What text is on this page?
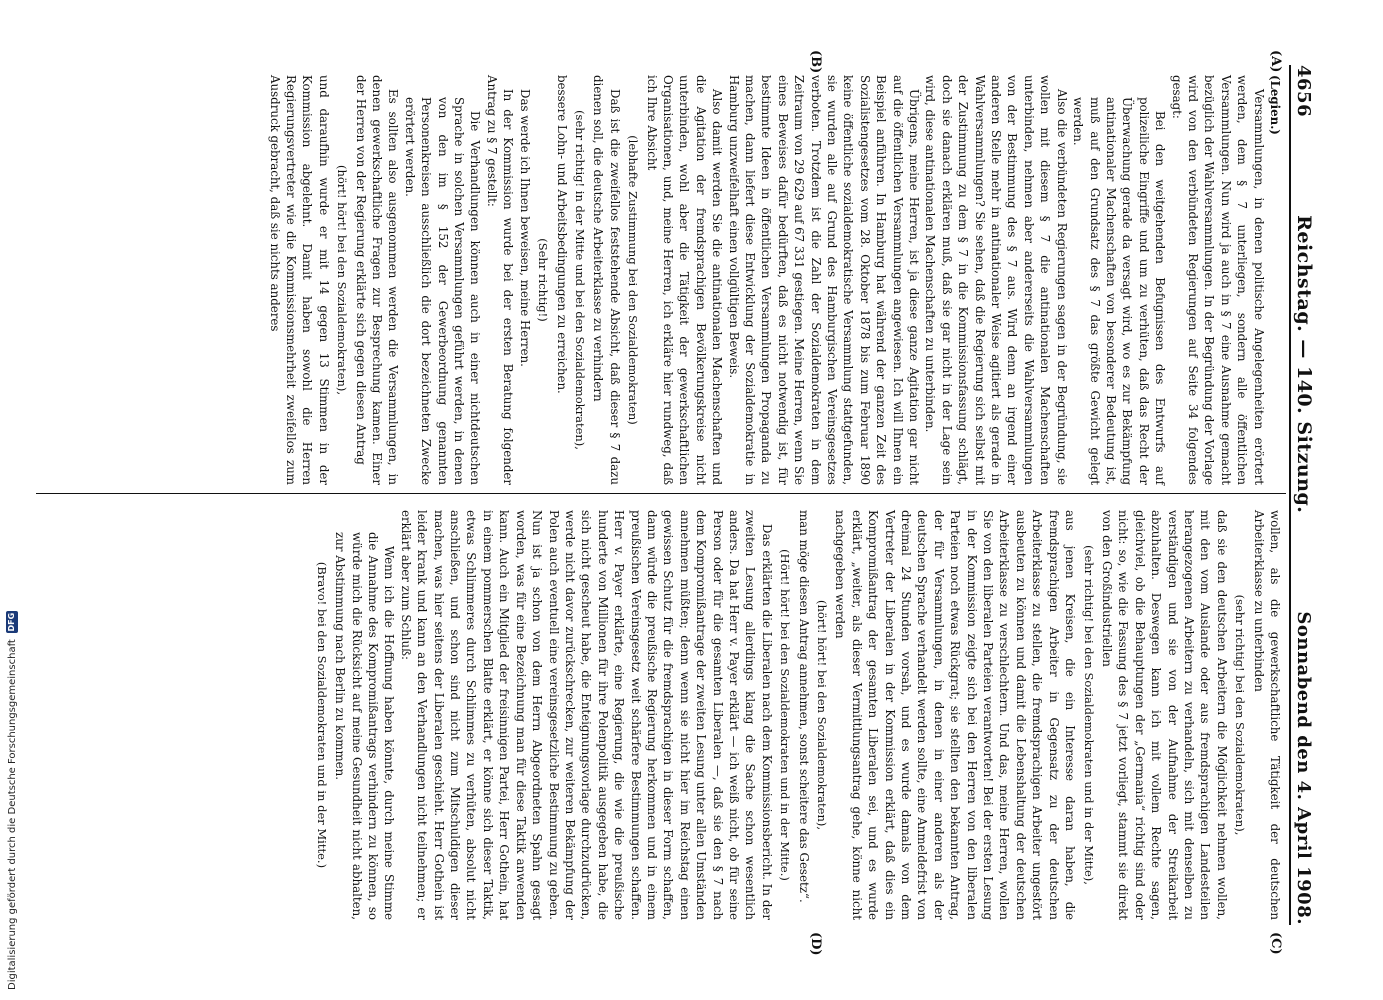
4656
Reichstag. — 140. Sitzung.
Sonnabend den 4. April 1908.
(A)
(B)
(C)
(D)

(Legien.)

Versammlungen, in denen politische Angelegenheiten erörtert werden, dem § 7 unterliegen, sondern alle öffentlichen Versammlungen. Nun wird ja auch in § 7 eine Ausnahme gemacht bezüglich der Wahlversammlungen. In der Begründung der Vorlage wird von den verbündeten Regierungen auf Seite 34 folgendes gesagt:

Bei den weitgehenden Befugnissen des Entwurfs auf polizeiliche Eingriffe und um zu verhüten, daß das Recht der Überwachung gerade da versagt wird, wo es zur Bekämpfung antinationaler Machenschaften von besonderer Bedeutung ist, muß auf den Grundsatz des § 7 das größte Gewicht gelegt werden.

Also die verbündeten Regierungen sagen in der Begründung, sie wollen mit diesem § 7 die antinationalen Machenschaften unterbinden, nehmen aber andererseits die Wahlversammlungen von der Bestimmung des § 7 aus. Wird denn an irgend einer anderen Stelle mehr in antinationaler Weise agitiert als gerade in Wahlversammlungen? Sie sehen, daß die Regierung sich selbst mit der Zustimmung zu dem § 7 in die Kommissionsfassung schlägt, doch sie danach erklären muß, daß sie gar nicht in der Lage sein wird, diese antinationalen Machenschaften zu unterbinden.

Übrigens, meine Herren, ist ja diese ganze Agitation gar nicht auf die öffentlichen Versammlungen angewiesen. Ich will Ihnen ein Beispiel anführen. In Hamburg hat während der ganzen Zeit des Sozialistengesetzes vom 28. Oktober 1878 bis zum Februar 1890 keine öffentliche sozialdemokratische Versammlung stattgefunden, sie wurden alle auf Grund des Hamburgischen Vereinsgesetzes verboten. Trotzdem ist die Zahl der Sozialdemokraten in dem Zeitraum von 29 629 auf 67 331 gestiegen. Meine Herren, wenn Sie eines Beweises dafür bedürften, daß es nicht notwendig ist, für bestimmte Ideen in öffentlichen Versammlungen Propaganda zu machen, dann liefert diese Entwicklung der Sozialdemokratie in Hamburg unzweifelhaft einen vollgültigen Beweis.

Also damit werden Sie die antinationalen Machenschaften und die Agitation der fremdsprachigen Bevölkerungskreise nicht unterbinden, wohl aber die Tätigkeit der gewerkschaftlichen Organisationen, und, meine Herren, ich erkläre hier rundweg, daß ich Ihre Absicht

(lebhafte Zustimmung bei den Sozialdemokraten)

Daß ist die zweifellos feststehende Absicht, daß dieser § 7 dazu dienen soll, die deutsche Arbeiterklasse zu verhindern

(sehr richtig! in der Mitte und bei den Sozialdemokraten),

bessere Lohn- und Arbeitsbedingungen zu erreichen.

(Sehr richtig!)

Das werde ich Ihnen beweisen, meine Herren.

In der Kommission wurde bei der ersten Beratung folgender Antrag zu § 7 gestellt:

Die Verhandlungen können auch in einer nichtdeutschen Sprache in solchen Versammlungen geführt werden, in denen von den im § 152 der Gewerbeordnung genannten Personenkreisen ausschließlich die dort bezeichneten Zwecke erörtert werden.

Es sollten also ausgenommen werden die Versammlungen, in denen gewerkschaftliche Fragen zur Besprechung kamen. Einer der Herren von der Regierung erklärte sich gegen diesen Antrag

(hört! hört! bei den Sozialdemokraten),

und daraufhin wurde er mit 14 gegen 13 Stimmen in der Kommission abgelehnt. Damit haben sowohl die Herren Regierungsvertreter wie die Kommissionsmehrheit zweifellos zum Ausdruck gebracht, daß sie nichts anderes

wollen, als die gewerkschaftliche Tätigkeit der deutschen Arbeiterklasse zu unterbinden

(sehr richtig! bei den Sozialdemokraten),

daß sie den deutschen Arbeitern die Möglichkeit nehmen wollen, mit den vom Auslande oder aus fremdsprachigen Landesteilen herangezogenen Arbeitern zu verhandeln, sich mit denselben zu verständigen und sie von der Aufnahme der Streikarbeit abzuhalten. Deswegen kann ich mit vollem Rechte sagen, gleichviel, ob die Behauptungen der „Germania“ richtig sind oder nicht: so, wie die Fassung des § 7 jetzt vorliegt, stammt sie direkt von den Großindustriellen

(sehr richtig! bei den Sozialdemokraten und in der Mitte),

aus jenen Kreisen, die ein Interesse daran haben, die fremdsprachigen Arbeiter in Gegensatz zu der deutschen Arbeiterklasse zu stellen, die fremdsprachigen Arbeiter ungestört ausbeuten zu können und damit die Lebenshaltung der deutschen Arbeiterklasse zu verschlechtern. Und das, meine Herren, wollen Sie von den liberalen Parteien verantworten! Bei der ersten Lesung in der Kommission zeigte sich bei den Herren von den liberalen Parteien noch etwas Rückgrat; sie stellten den bekannten Antrag, der für Versammlungen, in denen in einer anderen als der deutschen Sprache verhandelt werden sollte, eine Anmeldefrist von dreimal 24 Stunden vorsah, und es wurde damals von dem Vertreter der Liberalen in der Kommission erklärt, daß dies ein Kompromißantrag der gesamten Liberalen sei, und es wurde erklärt, „weiter, als dieser Vermittlungsantrag gehe, könne nicht nachgegeben werden

(hört! hört! bei den Sozialdemokraten),

man möge diesen Antrag annehmen, sonst scheitere das Gesetz“.

(Hört! hört! bei den Sozialdemokraten und in der Mitte.)

Das erklärten die Liberalen nach dem Kommissionsbericht. In der zweiten Lesung allerdings klang die Sache schon wesentlich anders. Da hat Herr v. Payer erklärt — ich weiß nicht, ob für seine Person oder für die gesamten Liberalen —, daß sie den § 7 nach dem Kompromißantrage der zweiten Lesung unter allen Umständen annehmen müßten; denn wenn sie nicht hier im Reichstag einen gewissen Schutz für die fremdsprachigen in dieser Form schaffen, dann würde die preußische Regierung herkommen und in einem preußischen Vereinsgesetz weit schärfere Bestimmungen schaffen. Herr v. Payer erklärte, eine Regierung, die wie die preußische hunderte von Millionen für ihre Polenpolitik ausgegeben habe, die sich nicht gescheut habe, die Enteignungsvorlage durchzudrücken, werde nicht davor zurückschrecken, zur weiteren Bekämpfung der Polen auch eventuell eine vereinsgesetzliche Bestimmung zu geben. Nun ist ja schon von dem Herrn Abgeordneten Spahn gesagt worden, was für eine Bezeichnung man für diese Taktik anwenden kann. Auch ein Mitglied der freisinnigen Partei, Herr Gothein, hat in einem pommerschen Blatte erklärt, er könne sich dieser Taktik, etwas Schlimmeres durch Schlimmes zu verhüten, absolut nicht anschließen, und schon sind nicht zum Mitschuldigen dieser machen, was hier seitens der Liberalen geschieht. Herr Gothein ist leider krank und kann an den Verhandlungen nicht teilnehmen; er erklärt aber zum Schluß:

Wenn ich die Hoffnung haben könnte, durch meine Stimme die Annahme des Kompromißantrags verhindern zu können, so würde mich die Rücksicht auf meine Gesundheit nicht abhalten, zur Abstimmung nach Berlin zu kommen.

(Bravo! bei den Sozialdemokraten und in der Mitte.)

Digitalisierung gefördert durch die Deutsche Forschungsgemeinschaft
DFG
